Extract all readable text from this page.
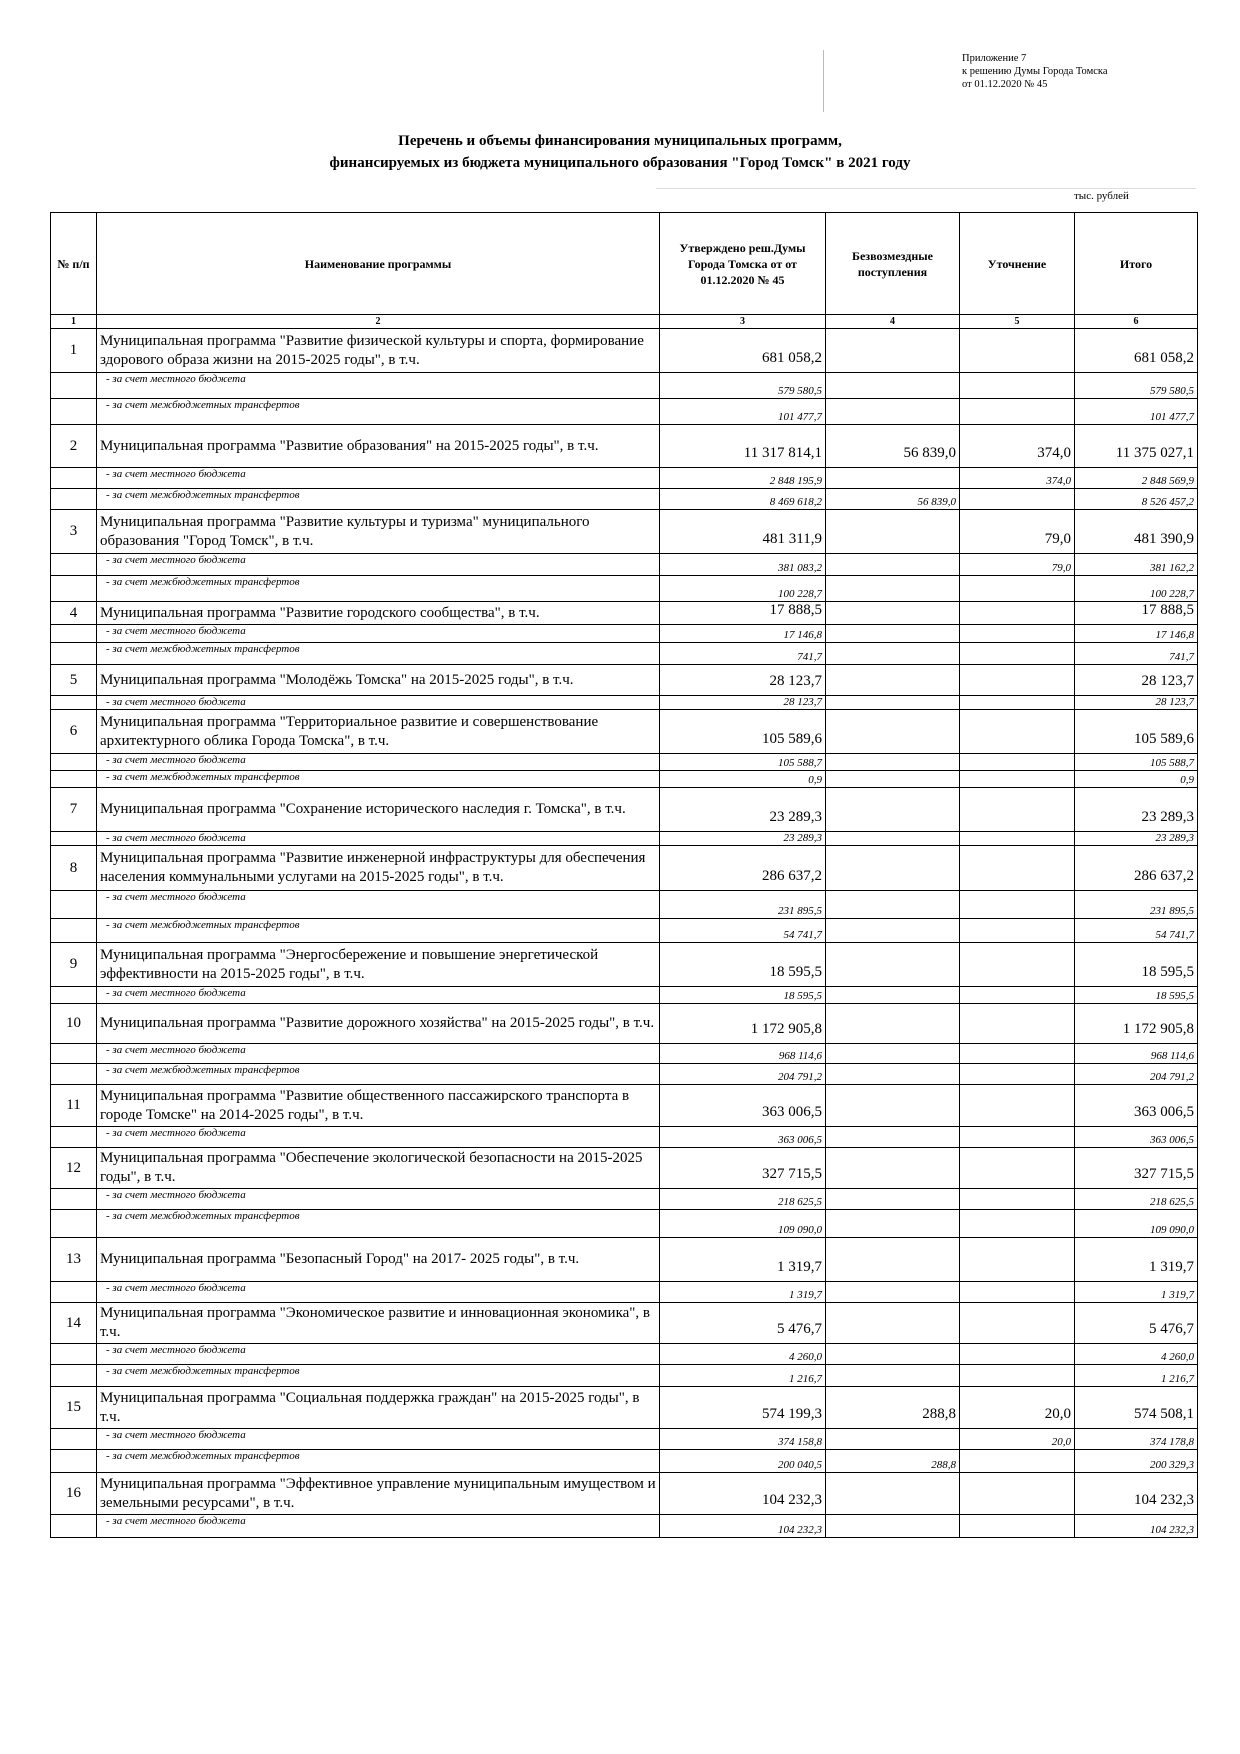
Приложение 7
к решению Думы Города Томска
от 01.12.2020 № 45
Перечень и объемы финансирования муниципальных программ,
финансируемых из бюджета муниципального образования "Город Томск" в 2021 году
тыс. рублей
№ п/п	Наименование программы	Утверждено реш.Думы Города Томска от от 01.12.2020 № 45	Безвозмездные поступления	Уточнение	Итого
1	2	3	4	5	6
1	Муниципальная программа "Развитие физической культуры и спорта, формирование здорового образа жизни на 2015-2025 годы", в т.ч.	681 058,2			681 058,2
	- за счет местного бюджета	579 580,5			579 580,5
	- за счет межбюджетных трансфертов	101 477,7			101 477,7
2	Муниципальная программа "Развитие образования" на 2015-2025 годы", в т.ч.	11 317 814,1	56 839,0	374,0	11 375 027,1
	- за счет местного бюджета	2 848 195,9		374,0	2 848 569,9
	- за счет межбюджетных трансфертов	8 469 618,2	56 839,0		8 526 457,2
3	Муниципальная программа "Развитие культуры и туризма" муниципального образования "Город Томск", в т.ч.	481 311,9		79,0	481 390,9
	- за счет местного бюджета	381 083,2		79,0	381 162,2
	- за счет межбюджетных трансфертов	100 228,7			100 228,7
4	Муниципальная программа "Развитие городского сообщества", в т.ч.	17 888,5			17 888,5
	- за счет местного бюджета	17 146,8			17 146,8
	- за счет межбюджетных трансфертов	741,7			741,7
5	Муниципальная программа "Молодёжь Томска" на 2015-2025 годы", в т.ч.	28 123,7			28 123,7
	- за счет местного бюджета	28 123,7			28 123,7
6	Муниципальная программа "Территориальное развитие и совершенствование архитектурного облика Города Томска", в т.ч.	105 589,6			105 589,6
	- за счет местного бюджета	105 588,7			105 588,7
	- за счет межбюджетных трансфертов	0,9			0,9
7	Муниципальная программа "Сохранение исторического наследия г. Томска", в т.ч.	23 289,3			23 289,3
	- за счет местного бюджета	23 289,3			23 289,3
8	Муниципальная программа "Развитие инженерной инфраструктуры для обеспечения населения коммунальными услугами на 2015-2025 годы", в т.ч.	286 637,2			286 637,2
	- за счет местного бюджета	231 895,5			231 895,5
	- за счет межбюджетных трансфертов	54 741,7			54 741,7
9	Муниципальная программа "Энергосбережение и повышение энергетической эффективности на 2015-2025 годы", в т.ч.	18 595,5			18 595,5
	- за счет местного бюджета	18 595,5			18 595,5
10	Муниципальная программа "Развитие дорожного хозяйства" на 2015-2025 годы", в т.ч.	1 172 905,8			1 172 905,8
	- за счет местного бюджета	968 114,6			968 114,6
	- за счет межбюджетных трансфертов	204 791,2			204 791,2
11	Муниципальная программа "Развитие общественного пассажирского транспорта в городе Томске" на 2014-2025 годы", в т.ч.	363 006,5			363 006,5
	- за счет местного бюджета	363 006,5			363 006,5
12	Муниципальная программа "Обеспечение экологической безопасности на 2015-2025 годы", в т.ч.	327 715,5			327 715,5
	- за счет местного бюджета	218 625,5			218 625,5
	- за счет межбюджетных трансфертов	109 090,0			109 090,0
13	Муниципальная программа "Безопасный Город" на 2017- 2025 годы", в т.ч.	1 319,7			1 319,7
	- за счет местного бюджета	1 319,7			1 319,7
14	Муниципальная программа "Экономическое развитие и инновационная экономика", в т.ч.	5 476,7			5 476,7
	- за счет местного бюджета	4 260,0			4 260,0
	- за счет межбюджетных трансфертов	1 216,7			1 216,7
15	Муниципальная программа "Социальная поддержка граждан" на 2015-2025 годы", в т.ч.	574 199,3	288,8	20,0	574 508,1
	- за счет местного бюджета	374 158,8		20,0	374 178,8
	- за счет межбюджетных трансфертов	200 040,5	288,8		200 329,3
16	Муниципальная программа "Эффективное управление муниципальным имуществом и земельными ресурсами", в т.ч.	104 232,3			104 232,3
	- за счет местного бюджета	104 232,3			104 232,3
